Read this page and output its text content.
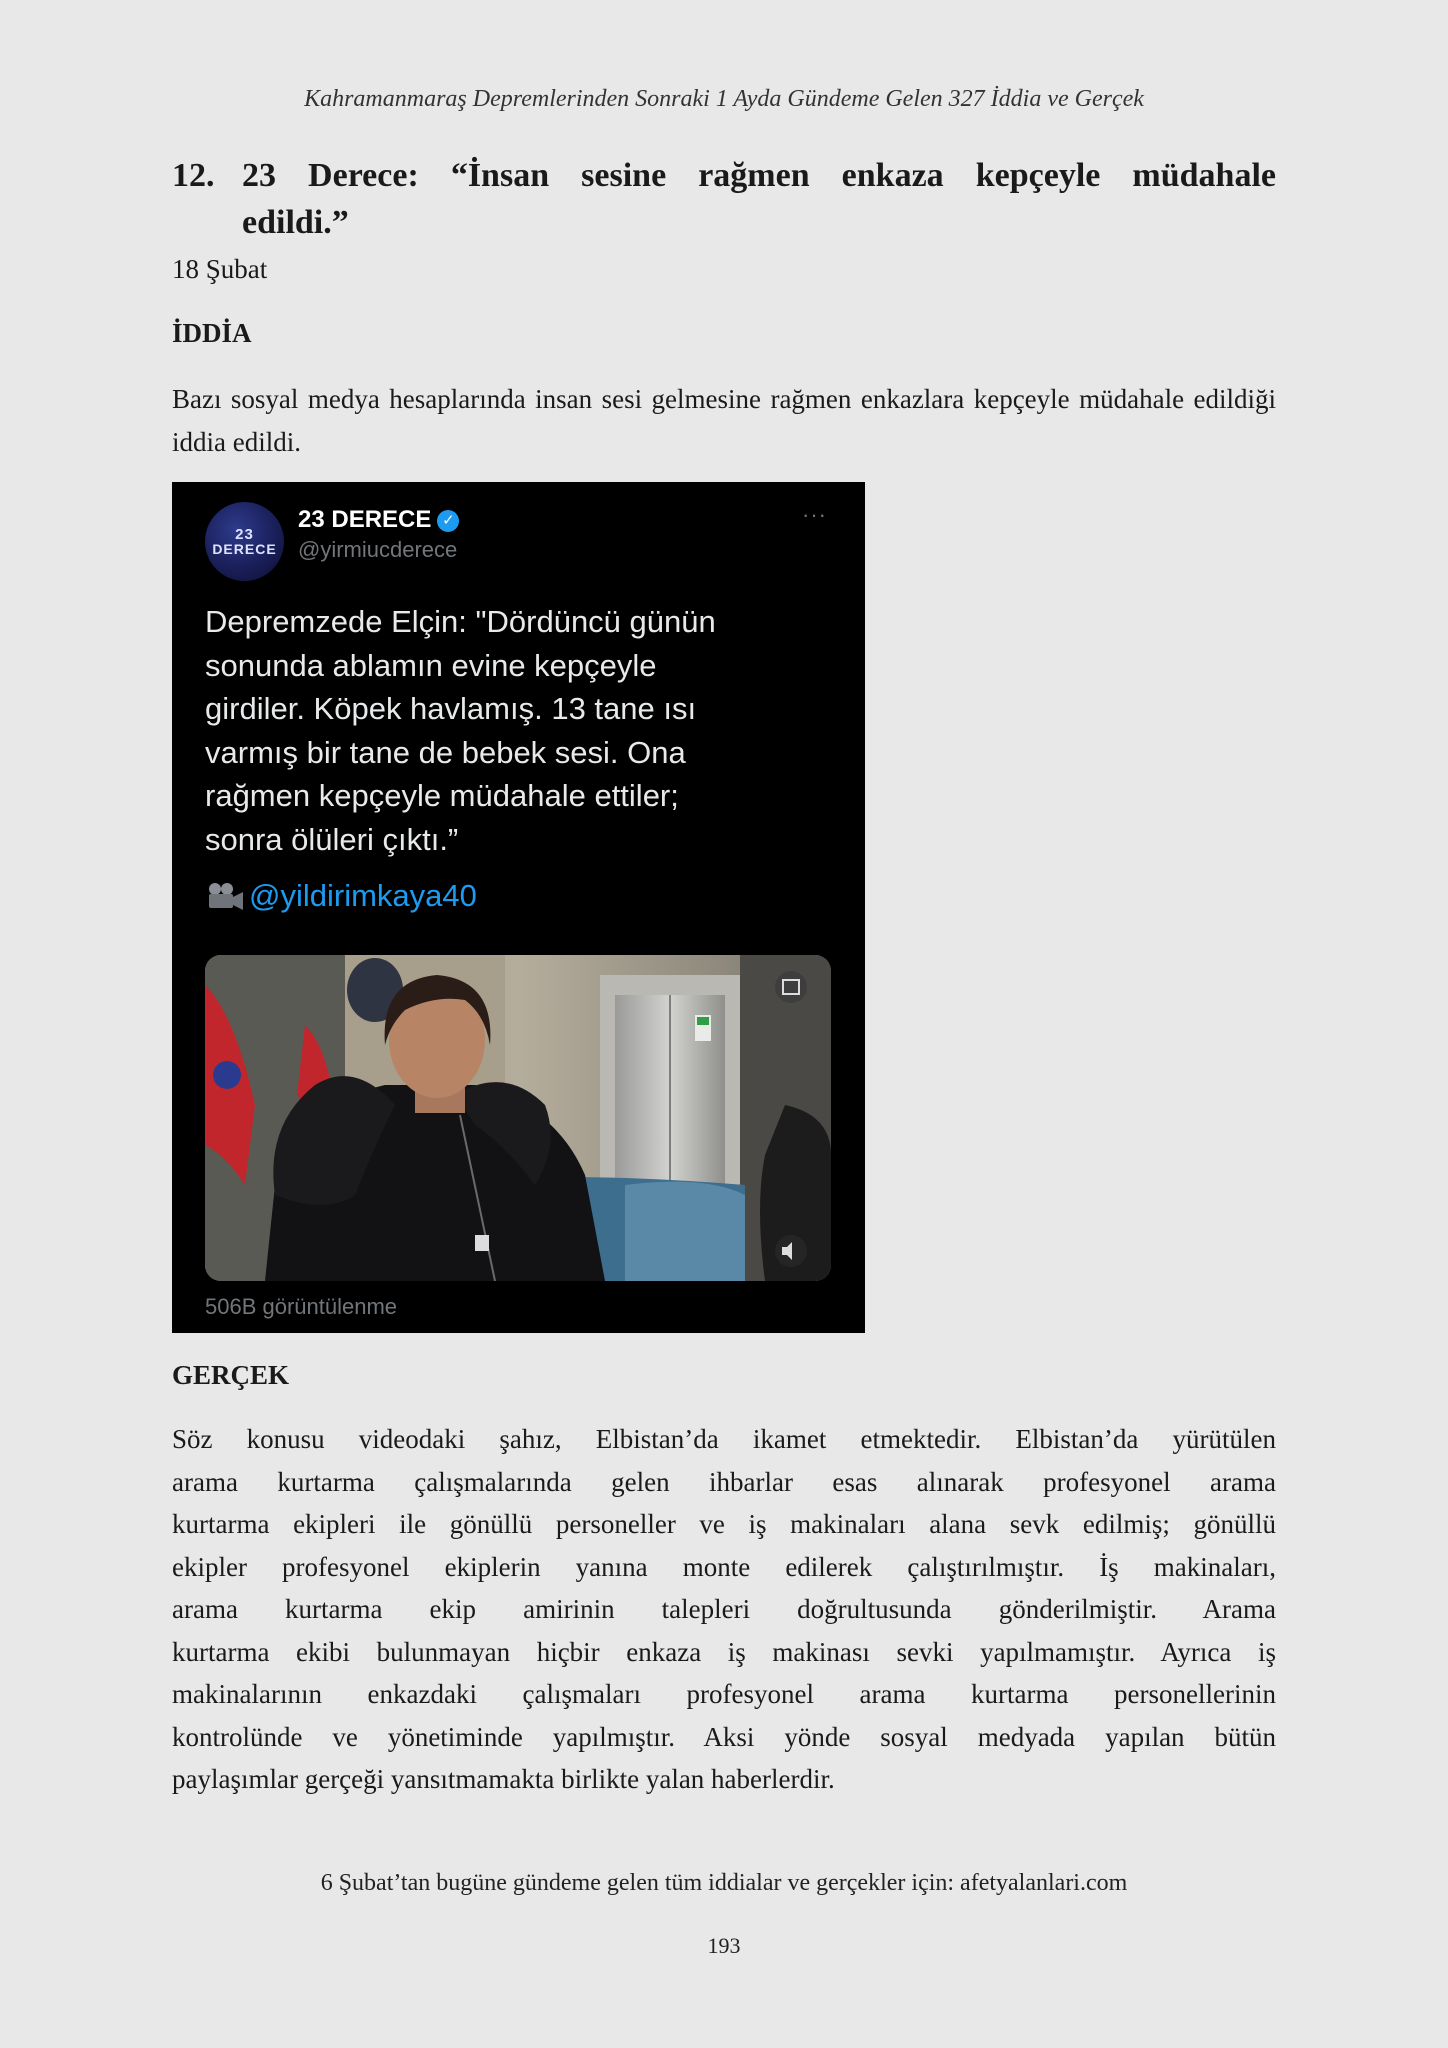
Kahramanmaraş Depremlerinden Sonraki 1 Ayda Gündeme Gelen 327 İddia ve Gerçek
12. 23 Derece: “İnsan sesine rağmen enkaza kepçeyle müdahale
edildi.”
18 Şubat
İDDİA
Bazı sosyal medya hesaplarında insan sesi gelmesine rağmen enkazlara kepçeyle müdahale edildiği iddia edildi.
23
DERECE
23 DERECE ✓
@yirmiucderece
···
Depremzede Elçin: "Dördüncü günün
sonunda ablamın evine kepçeyle
girdiler. Köpek havlamış. 13 tane ısı
varmış bir tane de bebek sesi. Ona
rağmen kepçeyle müdahale ettiler;
sonra ölüleri çıktı.”
@yildirimkaya40
506B görüntülenme
GERÇEK
Söz konusu videodaki şahız, Elbistan’da ikamet etmektedir. Elbistan’da yürütülen
arama kurtarma çalışmalarında gelen ihbarlar esas alınarak profesyonel arama
kurtarma ekipleri ile gönüllü personeller ve iş makinaları alana sevk edilmiş; gönüllü
ekipler profesyonel ekiplerin yanına monte edilerek çalıştırılmıştır. İş makinaları,
arama kurtarma ekip amirinin talepleri doğrultusunda gönderilmiştir. Arama
kurtarma ekibi bulunmayan hiçbir enkaza iş makinası sevki yapılmamıştır. Ayrıca iş
makinalarının enkazdaki çalışmaları profesyonel arama kurtarma personellerinin
kontrolünde ve yönetiminde yapılmıştır. Aksi yönde sosyal medyada yapılan bütün
paylaşımlar gerçeği yansıtmamakta birlikte yalan haberlerdir.
6 Şubat’tan bugüne gündeme gelen tüm iddialar ve gerçekler için: afetyalanlari.com
193
